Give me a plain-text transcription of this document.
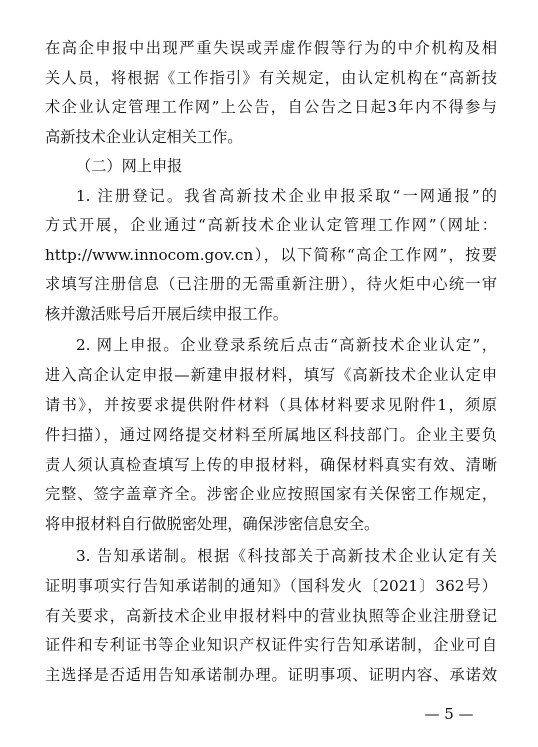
在高企申报中出现严重失误或弄虚作假等行为的中介机构及相
关人员，将根据《工作指引》有关规定，由认定机构在“高新技
术企业认定管理工作网”上公告，自公告之日起3年内不得参与
高新技术企业认定相关工作。
（二）网上申报
1. 注册登记。我省高新技术企业申报采取“一网通报”的
方式开展，企业通过“高新技术企业认定管理工作网”（网址：
http://www.innocom.gov.cn），以下简称“高企工作网”，按要
求填写注册信息（已注册的无需重新注册），待火炬中心统一审
核并激活账号后开展后续申报工作。
2. 网上申报。企业登录系统后点击“高新技术企业认定”，
进入高企认定申报—新建申报材料，填写《高新技术企业认定申
请书》，并按要求提供附件材料（具体材料要求见附件1，须原
件扫描），通过网络提交材料至所属地区科技部门。企业主要负
责人须认真检查填写上传的申报材料，确保材料真实有效、清晰
完整、签字盖章齐全。涉密企业应按照国家有关保密工作规定，
将申报材料自行做脱密处理，确保涉密信息安全。
3. 告知承诺制。根据《科技部关于高新技术企业认定有关
证明事项实行告知承诺制的通知》（国科发火〔2021〕362号）
有关要求，高新技术企业申报材料中的营业执照等企业注册登记
证件和专利证书等企业知识产权证件实行告知承诺制，企业可自
主选择是否适用告知承诺制办理。证明事项、证明内容、承诺效
— 5 —
